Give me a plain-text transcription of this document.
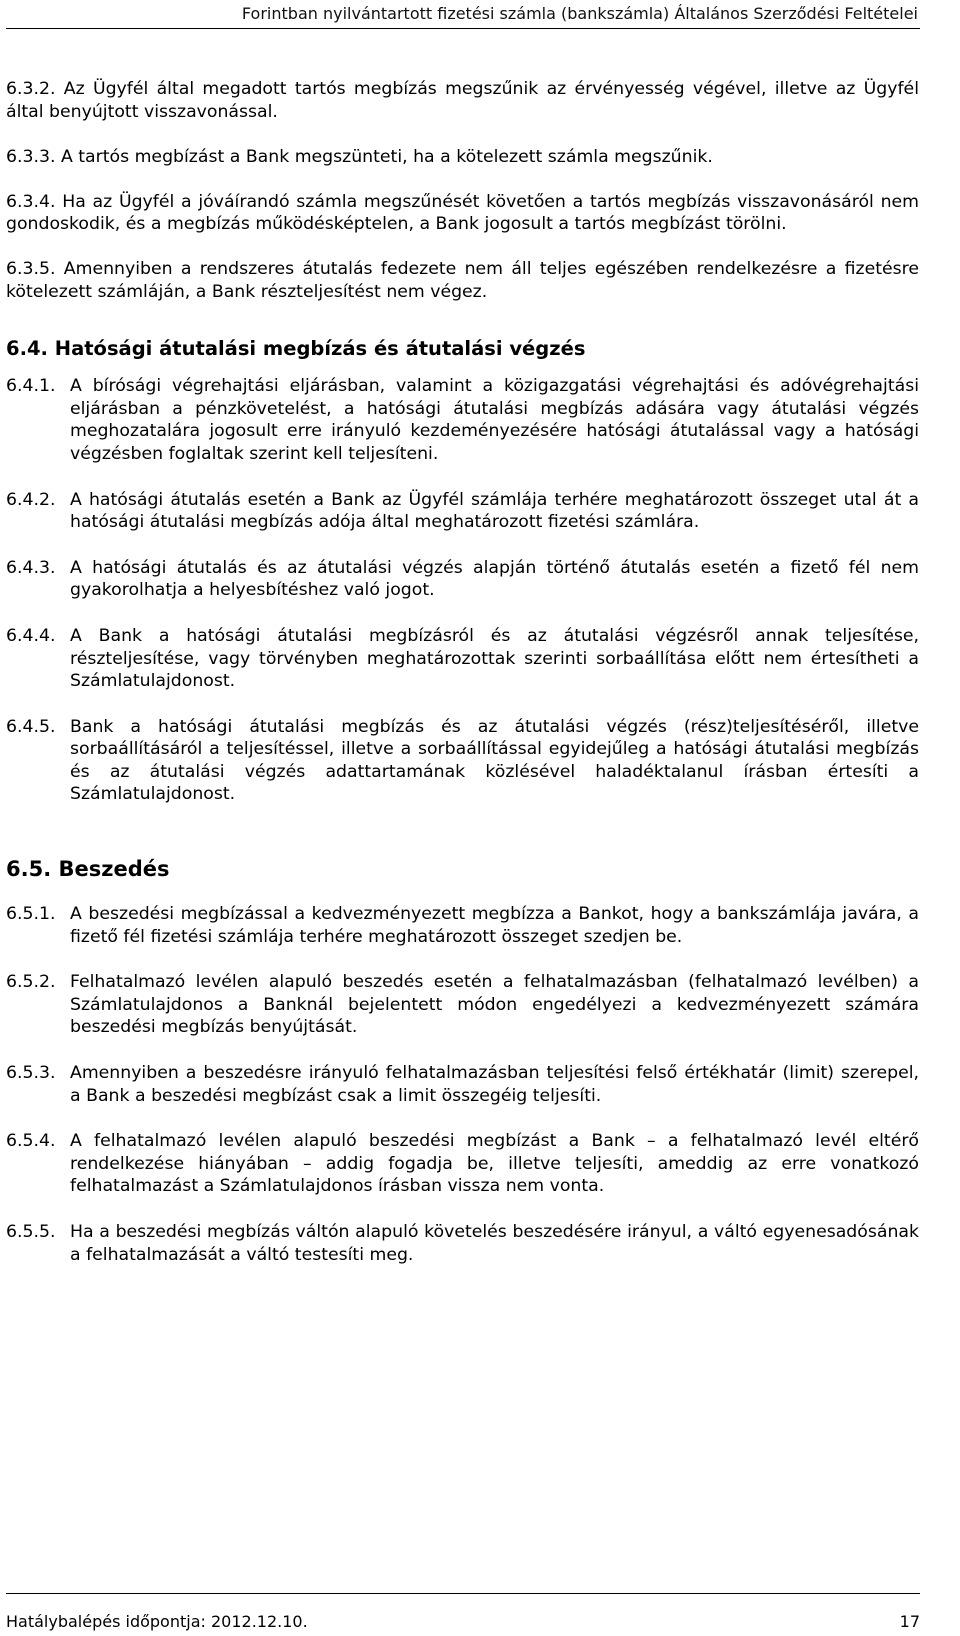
Forintban nyilvántartott fizetési számla (bankszámla) Általános Szerződési Feltételei
6.3.2. Az Ügyfél által megadott tartós megbízás megszűnik az érvényesség végével, illetve az Ügyfél által benyújtott visszavonással.
6.3.3. A tartós megbízást a Bank megszünteti, ha a kötelezett számla megszűnik.
6.3.4. Ha az Ügyfél a jóváírandó számla megszűnését követően a tartós megbízás visszavonásáról nem gondoskodik, és a megbízás működésképtelen, a Bank jogosult a tartós megbízást törölni.
6.3.5. Amennyiben a rendszeres átutalás fedezete nem áll teljes egészében rendelkezésre a fizetésre kötelezett számláján, a Bank részteljesítést nem végez.
6.4. Hatósági átutalási megbízás és átutalási végzés
6.4.1. A bírósági végrehajtási eljárásban, valamint a közigazgatási végrehajtási és adóvégrehajtási eljárásban a pénzkövetelést, a hatósági átutalási megbízás adására vagy átutalási végzés meghozatalára jogosult erre irányuló kezdeményezésére hatósági átutalással vagy a hatósági végzésben foglaltak szerint kell teljesíteni.
6.4.2. A hatósági átutalás esetén a Bank az Ügyfél számlája terhére meghatározott összeget utal át a hatósági átutalási megbízás adója által meghatározott fizetési számlára.
6.4.3. A hatósági átutalás és az átutalási végzés alapján történő átutalás esetén a fizető fél nem gyakorolhatja a helyesbítéshez való jogot.
6.4.4. A Bank a hatósági átutalási megbízásról és az átutalási végzésről annak teljesítése, részteljesítése, vagy törvényben meghatározottak szerinti sorbaállítása előtt nem értesítheti a Számlatulajdonost.
6.4.5. Bank a hatósági átutalási megbízás és az átutalási végzés (rész)teljesítéséről, illetve sorbaállításáról a teljesítéssel, illetve a sorbaállítással egyidejűleg a hatósági átutalási megbízás és az átutalási végzés adattartamának közlésével haladéktalanul írásban értesíti a Számlatulajdonost.
6.5. Beszedés
6.5.1. A beszedési megbízással a kedvezményezett megbízza a Bankot, hogy a bankszámlája javára, a fizető fél fizetési számlája terhére meghatározott összeget szedjen be.
6.5.2. Felhatalmazó levélen alapuló beszedés esetén a felhatalmazásban (felhatalmazó levélben) a Számlatulajdonos a Banknál bejelentett módon engedélyezi a kedvezményezett számára beszedési megbízás benyújtását.
6.5.3. Amennyiben a beszedésre irányuló felhatalmazásban teljesítési felső értékhatár (limit) szerepel, a Bank a beszedési megbízást csak a limit összegéig teljesíti.
6.5.4. A felhatalmazó levélen alapuló beszedési megbízást a Bank – a felhatalmazó levél eltérő rendelkezése hiányában – addig fogadja be, illetve teljesíti, ameddig az erre vonatkozó felhatalmazást a Számlatulajdonos írásban vissza nem vonta.
6.5.5. Ha a beszedési megbízás váltón alapuló követelés beszedésére irányul, a váltó egyenesadósának a felhatalmazását a váltó testesíti meg.
Hatálybalépés időpontja: 2012.12.10.	17
